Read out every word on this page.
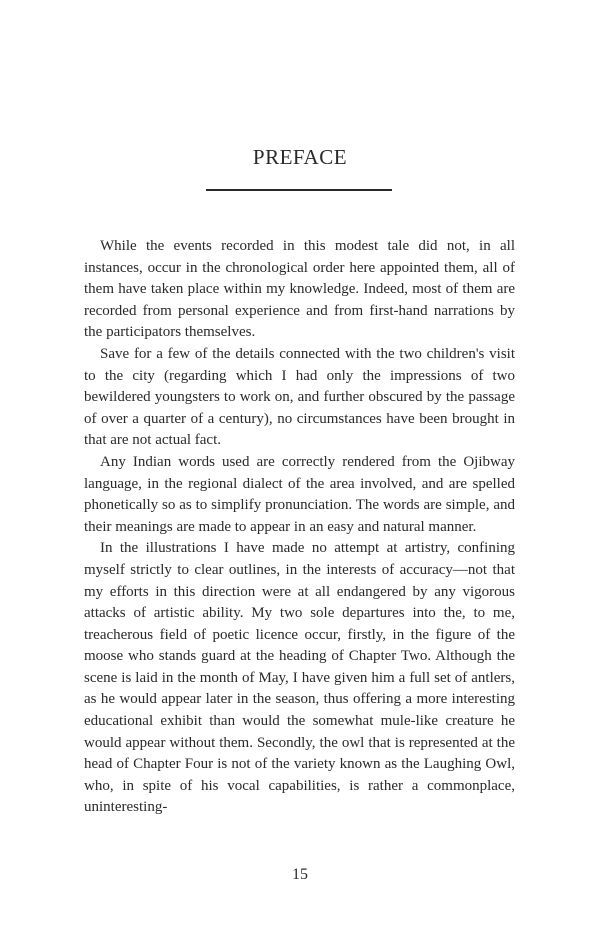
PREFACE

While the events recorded in this modest tale did not, in all instances, occur in the chronological order here appointed them, all of them have taken place within my knowledge. Indeed, most of them are recorded from personal experience and from first-hand narrations by the participators themselves.

Save for a few of the details connected with the two children's visit to the city (regarding which I had only the impressions of two bewildered youngsters to work on, and further obscured by the passage of over a quarter of a century), no circumstances have been brought in that are not actual fact.

Any Indian words used are correctly rendered from the Ojibway language, in the regional dialect of the area involved, and are spelled phonetically so as to simplify pronunciation. The words are simple, and their meanings are made to appear in an easy and natural manner.

In the illustrations I have made no attempt at artistry, confining myself strictly to clear outlines, in the interests of accuracy—not that my efforts in this direction were at all endangered by any vigorous attacks of artistic ability. My two sole departures into the, to me, treacherous field of poetic licence occur, firstly, in the figure of the moose who stands guard at the heading of Chapter Two. Although the scene is laid in the month of May, I have given him a full set of antlers, as he would appear later in the season, thus offering a more interesting educational exhibit than would the somewhat mule-like creature he would appear without them. Secondly, the owl that is represented at the head of Chapter Four is not of the variety known as the Laughing Owl, who, in spite of his vocal capabilities, is rather a commonplace, uninteresting-

15
